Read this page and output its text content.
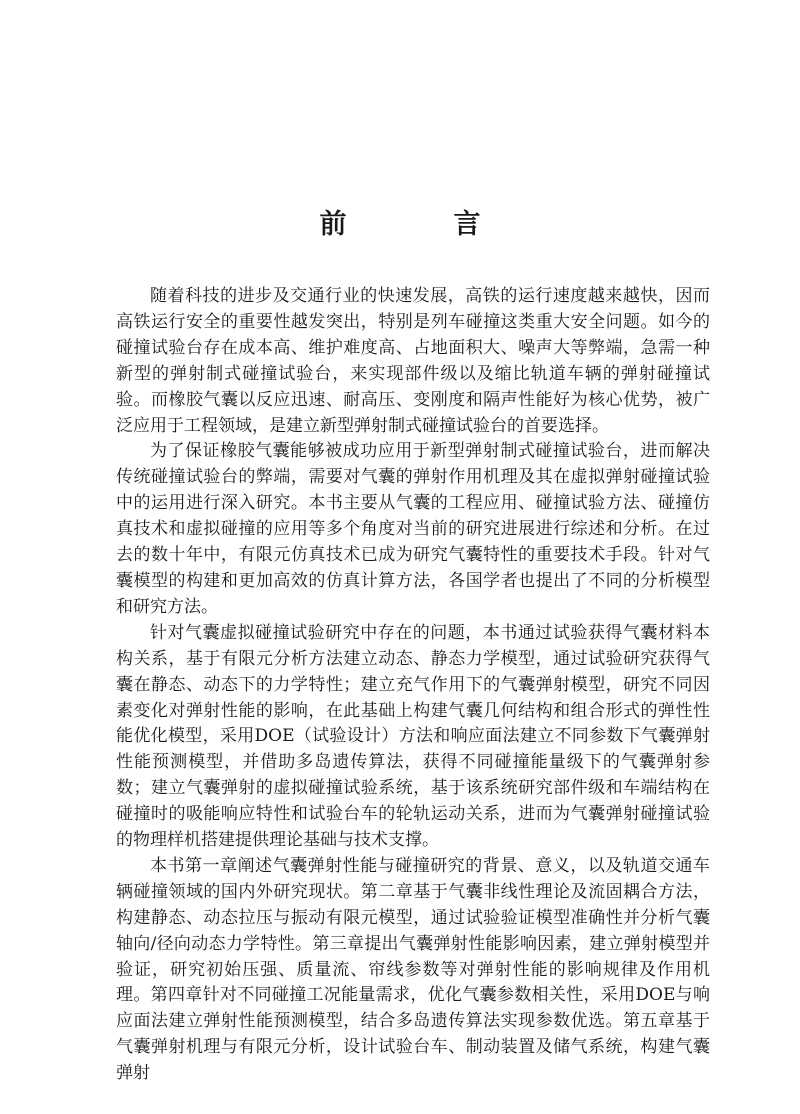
前　言

随着科技的进步及交通行业的快速发展，高铁的运行速度越来越快，因而高铁运行安全的重要性越发突出，特别是列车碰撞这类重大安全问题。如今的碰撞试验台存在成本高、维护难度高、占地面积大、噪声大等弊端，急需一种新型的弹射制式碰撞试验台，来实现部件级以及缩比轨道车辆的弹射碰撞试验。而橡胶气囊以反应迅速、耐高压、变刚度和隔声性能好为核心优势，被广泛应用于工程领域，是建立新型弹射制式碰撞试验台的首要选择。

为了保证橡胶气囊能够被成功应用于新型弹射制式碰撞试验台，进而解决传统碰撞试验台的弊端，需要对气囊的弹射作用机理及其在虚拟弹射碰撞试验中的运用进行深入研究。本书主要从气囊的工程应用、碰撞试验方法、碰撞仿真技术和虚拟碰撞的应用等多个角度对当前的研究进展进行综述和分析。在过去的数十年中，有限元仿真技术已成为研究气囊特性的重要技术手段。针对气囊模型的构建和更加高效的仿真计算方法，各国学者也提出了不同的分析模型和研究方法。

针对气囊虚拟碰撞试验研究中存在的问题，本书通过试验获得气囊材料本构关系，基于有限元分析方法建立动态、静态力学模型，通过试验研究获得气囊在静态、动态下的力学特性；建立充气作用下的气囊弹射模型，研究不同因素变化对弹射性能的影响，在此基础上构建气囊几何结构和组合形式的弹性性能优化模型，采用DOE（试验设计）方法和响应面法建立不同参数下气囊弹射性能预测模型，并借助多岛遗传算法，获得不同碰撞能量级下的气囊弹射参数；建立气囊弹射的虚拟碰撞试验系统，基于该系统研究部件级和车端结构在碰撞时的吸能响应特性和试验台车的轮轨运动关系，进而为气囊弹射碰撞试验的物理样机搭建提供理论基础与技术支撑。

本书第一章阐述气囊弹射性能与碰撞研究的背景、意义，以及轨道交通车辆碰撞领域的国内外研究现状。第二章基于气囊非线性理论及流固耦合方法，构建静态、动态拉压与振动有限元模型，通过试验验证模型准确性并分析气囊轴向/径向动态力学特性。第三章提出气囊弹射性能影响因素，建立弹射模型并验证，研究初始压强、质量流、帘线参数等对弹射性能的影响规律及作用机理。第四章针对不同碰撞工况能量需求，优化气囊参数相关性，采用DOE与响应面法建立弹射性能预测模型，结合多岛遗传算法实现参数优选。第五章基于气囊弹射机理与有限元分析，设计试验台车、制动装置及储气系统，构建气囊弹射
